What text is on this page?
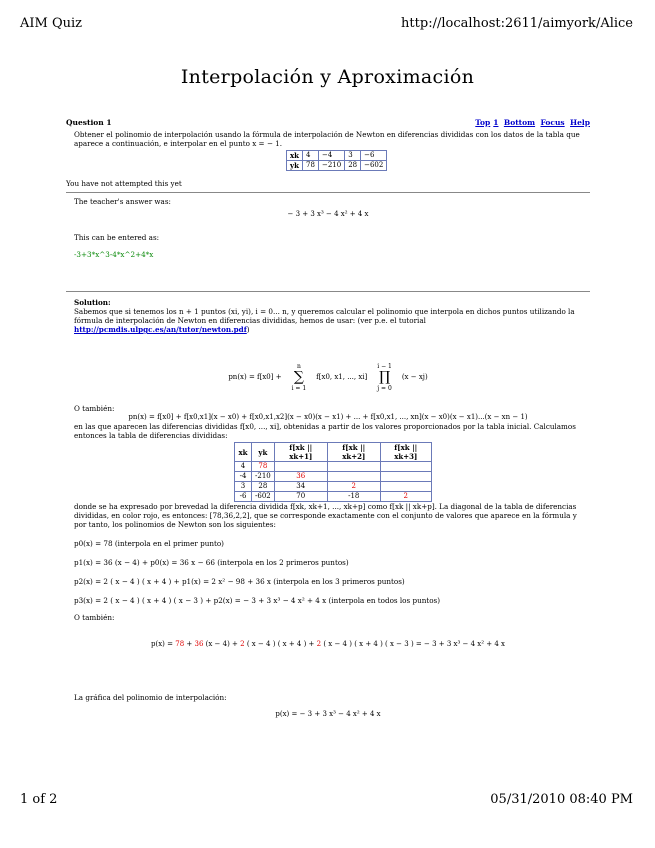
AIM Quiz	http://localhost:2611/aimyork/Alice
Interpolación y Aproximación
Question 1	Top 1 Bottom Focus Help

Obtener el polinomio de interpolación usando la fórmula de interpolación de Newton en diferencias divididas con los datos de la tabla que aparece a continuación, e interpolar en el punto x = − 1.

xk	4	−4	3	−6
yk	78	−210	28	−602

You have not attempted this yet

The teacher's answer was:

− 3 + 3 x³ − 4 x² + 4 x

This can be entered as:

-3+3*x^3-4*x^2+4*x

Solution:

Sabemos que si tenemos los n + 1 puntos (xi, yi), i = 0... n, y queremos calcular el polinomio que interpola en dichos puntos utilizando la fórmula de interpolación de Newton en diferencias divididas, hemos de usar: (ver p.e. el tutorial http://pcmdis.ulpgc.es/an/tutor/newton.pdf)

pn(x) = f[x0] +
n
∑
i = 1
f[x0, x1, ..., xi]
i − 1
∏
j = 0
(x − xj)

O también:

pn(x) = f[x0] + f[x0,x1](x − x0) + f[x0,x1,x2](x − x0)(x − x1) + ... + f[x0,x1, ..., xn](x − x0)(x − x1)...(x − xn − 1)

en las que aparecen las diferencias divididas f[x0, ..., xi], obtenidas a partir de los valores proporcionados por la tabla inicial. Calculamos entonces la tabla de diferencias divididas:

xk	yk	f[xk || xk+1]	f[xk || xk+2]	f[xk || xk+3]
4	78			
-4	-210	36		
3	28	34	2	
-6	-602	70	-18	2

donde se ha expresado por brevedad la diferencia dividida f[xk, xk+1, ..., xk+p] como f[xk || xk+p]. La diagonal de la tabla de diferencias divididas, en color rojo, es entonces: [78,36,2,2], que se corresponde exactamente con el conjunto de valores que aparece en la fórmula y por tanto, los polinomios de Newton son los siguientes:

p0(x) = 78 (interpola en el primer punto)

p1(x) = 36 (x − 4) + p0(x) = 36 x − 66 (interpola en los 2 primeros puntos)

p2(x) = 2 ( x − 4 ) ( x + 4 ) + p1(x) = 2 x² − 98 + 36 x (interpola en los 3 primeros puntos)

p3(x) = 2 ( x − 4 ) ( x + 4 ) ( x − 3 ) + p2(x) = − 3 + 3 x³ − 4 x² + 4 x (interpola en todos los puntos)

O también:

p(x) = 78 + 36 (x − 4) + 2 ( x − 4 ) ( x + 4 ) + 2 ( x − 4 ) ( x + 4 ) ( x − 3 ) = − 3 + 3 x³ − 4 x² + 4 x

La gráfica del polinomio de interpolación:

p(x) = − 3 + 3 x³ − 4 x² + 4 x

1 of 2	05/31/2010 08:40 PM
